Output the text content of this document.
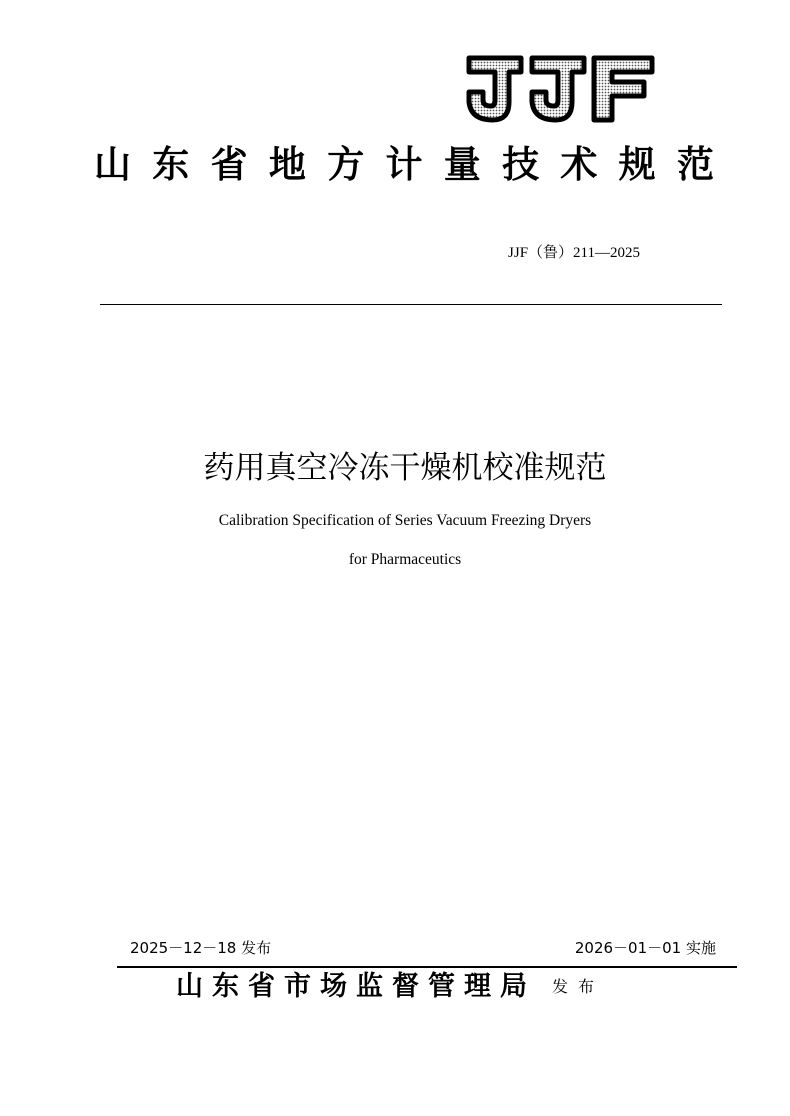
山 东 省 地 方 计 量 技 术 规 范
JJF（鲁）211—2025
药用真空冷冻干燥机校准规范
Calibration Specification of Series Vacuum Freezing Dryers
for Pharmaceutics
2025－12－18 发布	2026－01－01 实施
山东省市场监督管理局 发布
